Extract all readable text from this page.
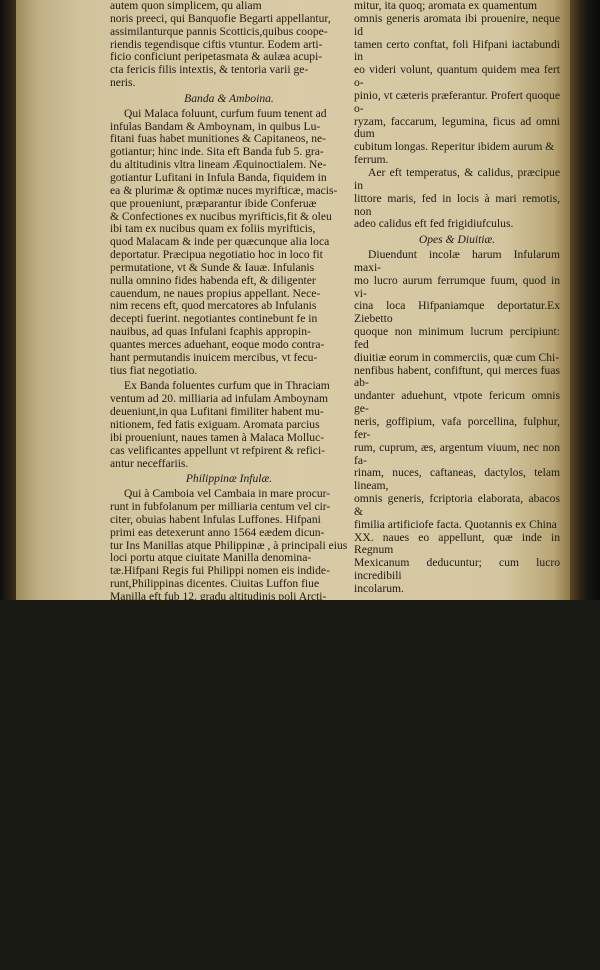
autem quon simplicem, qu aliam

noris preeci, qui Banquofie Begarti appellantur,

assimilanturque pannis Scotticis,quibus coope-

riendis tegendisque ciftis vtuntur. Eodem arti-

ficio conficiunt peripetasmata & aulæa acupi-

cta fericis filis intextis, & tentoria varii ge-

neris.

Banda & Amboina.

Qui Malaca foluunt, curfum fuum tenent ad

infulas Bandam & Amboynam, in quibus Lu-

fitani fuas habet munitiones & Capitaneos, ne-

gotiantur; hinc inde. Sita eft Banda fub 5. gra-

du altitudinis vltra lineam Æquinoctialem. Ne-

gotiantur Lufitani in Infula Banda, fiquidem in

ea & plurimæ & optimæ nuces myrifticæ, macis-

que proueniunt, præparantur ibide Conferuæ

& Confectiones ex nucibus myrifticis,fit & oleu

ibi tam ex nucibus quam ex foliis myrifticis,

quod Malacam & inde per quæcunque alia loca

deportatur. Præcipua negotiatio hoc in loco fit

permutatione, vt & Sunde & Iauæ. Infulanis

nulla omnino fides habenda eft, & diligenter

cauendum, ne naues propius appellant. Nece-

nim recens eft, quod mercatores ab Infulanis

decepti fuerint. negotiantes continebunt fe in

nauibus, ad quas Infulani fcaphis appropin-

quantes merces aduehant, eoque modo contra-

hant permutandis inuicem mercibus, vt fecu-

tius fiat negotiatio.

Ex Banda foluentes curfum que in Thraciam

ventum ad 20. milliaria ad infulam Amboynam

deueniunt,in qua Lufitani fimiliter habent mu-

nitionem, fed fatis exiguam. Aromata parcius

ibi proueniunt, naues tamen à Malaca Molluc-

cas velificantes appellunt vt refpirent & refici-

antur neceffariis.

Philippinæ Infulæ.

Qui à Camboia vel Cambaia in mare procur-

runt in fubfolanum per milliaria centum vel cir-

citer, obuias habent Infulas Luffones. Hifpani

primi eas detexerunt anno 1564 eædem dicun-

tur Ins Manillas atque Philippinæ , à principali eius

loci portu atque ciuitate Manilla denomina-

tæ.Hifpani Regis fui Philippi nomen eis indide-

runt,Philippinas dicentes. Ciuitas Luffon fiue

Manilla eft fub 12. gradu altitudinis poli Arcti-

ci: Infula in ambitu M. millia pafluum continet,

circa eam vifuntur aliæ Infulæ innumeræ, qua-

mitur, ita quoq; aromata ex quamentum

omnis generis aromata ibi prouenire, neque id

tamen certo conftat, foli Hifpani iactabundi in

eo videri volunt, quantum quidem mea fert o-

pinio, vt cæteris præferantur. Profert quoque o-

ryzam, faccarum, legumina, ficus ad omni dum

cubitum longas. Reperitur ibidem aurum &

ferrum.

Aer eft temperatus, & calidus, præcipue in

littore maris, fed in locis à mari remotis, non

adeo calidus eft fed frigidiufculus.

Opes & Diuitiæ.

Diuendunt incolæ harum Infularum maxi-

mo lucro aurum ferrumque fuum, quod in vi-

cina loca Hifpaniamque deportatur.Ex Ziebetto

quoque non minimum lucrum percipiunt: fed

diuitiæ eorum in commerciis, quæ cum Chi-

nenfibus habent, confiftunt, qui merces fuas ab-

undanter aduehunt, vtpote fericum omnis ge-

neris, goffipium, vafa porcellina, fulphur, fer-

rum, cuprum, æs, argentum viuum, nec non fa-

rinam, nuces, caftaneas, dactylos, telam lineam,

omnis generis, fcriptoria elaborata, abacos &

fimilia artificiofe facta. Quotannis ex China

XX. naues eo appellunt, quæ inde in Regnum

Mexicanum deducuntur; cum lucro incredibili

incolarum.

Robur & Firmitas.

Reperiuntur multa loca munita in his Infu-

lis, quæ magnis præfidiis Hifpanorum obtinen-

tur, cum firmo propofito nulli mortalium ce-

dendi. Iactura quam acceperunt proximis his

annis , ex quo ea quæ in Moluccis obtinuerunt

Infulis,amiferunt, exacuit eorum ftudia, vta-

terius fe defendant. Ea de caufa magnam copiam

inftrumentorum bellicorum & tormentorum,

nec non magnum numerum militum,in defen-

fionem Caftrorum collocarunt.

Modus Adminiftrationis.

Adminiftrat Rex Hifpanorum ciuitatem Ma-

nillam,fiue Lufonias cætetafque Infulas circum-

iacentes per Gubernatorem, qui ex Hifpania il-

luc mittitur.

Religio.

Harum Infularum incolæ Epifcopum in Vi-
